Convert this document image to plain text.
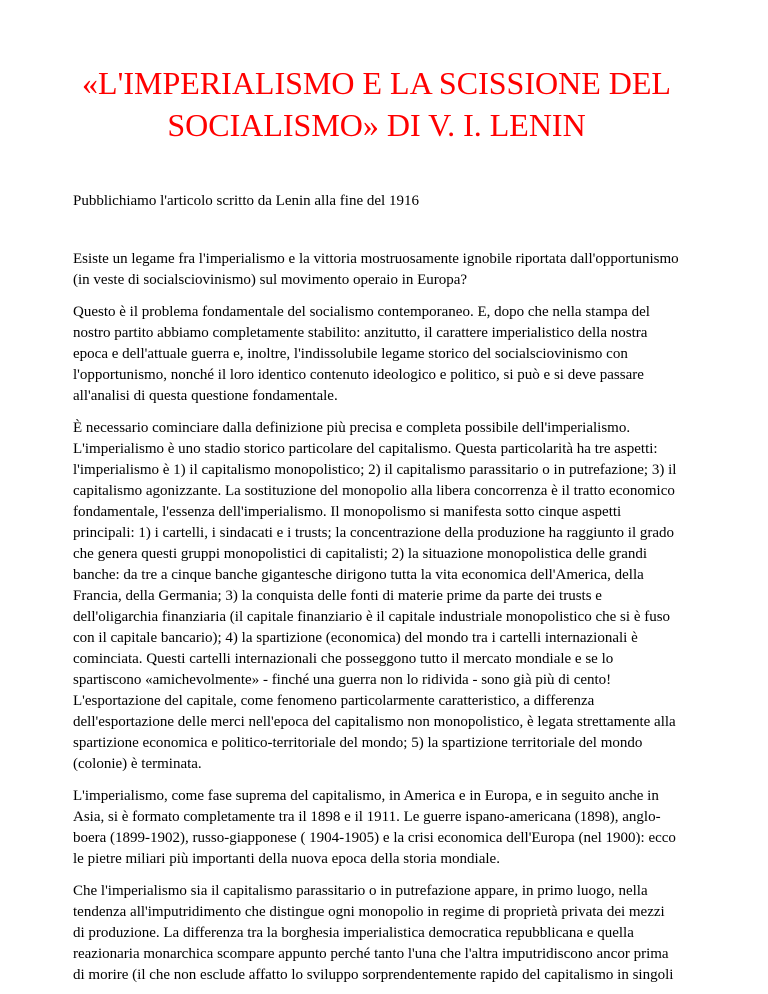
«L'IMPERIALISMO E LA SCISSIONE DEL SOCIALISMO» DI V. I. LENIN

Pubblichiamo l'articolo scritto da Lenin alla fine del 1916

Esiste un legame fra l'imperialismo e la vittoria mostruosamente ignobile riportata dall'opportunismo (in veste di socialsciovinismo) sul movimento operaio in Europa?

Questo è il problema fondamentale del socialismo contemporaneo. E, dopo che nella stampa del nostro partito abbiamo completamente stabilito: anzitutto, il carattere imperialistico della nostra epoca e dell'attuale guerra e, inoltre, l'indissolubile legame storico del socialsciovinismo con l'opportunismo, nonché il loro identico contenuto ideologico e politico, si può e si deve passare all'analisi di questa questione fondamentale.

È necessario cominciare dalla definizione più precisa e completa possibile dell'imperialismo. L'imperialismo è uno stadio storico particolare del capitalismo. Questa particolarità ha tre aspetti: l'imperialismo è 1) il capitalismo monopolistico; 2) il capitalismo parassitario o in putrefazione; 3) il capitalismo agonizzante. La sostituzione del monopolio alla libera concorrenza è il tratto economico fondamentale, l'essenza dell'imperialismo. Il monopolismo si manifesta sotto cinque aspetti principali: 1) i cartelli, i sindacati e i trusts; la concentrazione della produzione ha raggiunto il grado che genera questi gruppi monopolistici di capitalisti; 2) la situazione monopolistica delle grandi banche: da tre a cinque banche gigantesche dirigono tutta la vita economica dell'America, della Francia, della Germania; 3) la conquista delle fonti di materie prime da parte dei trusts e dell'oligarchia finanziaria (il capitale finanziario è il capitale industriale monopolistico che si è fuso con il capitale bancario); 4) la spartizione (economica) del mondo tra i cartelli internazionali è cominciata. Questi cartelli internazionali che posseggono tutto il mercato mondiale e se lo spartiscono «amichevolmente» - finché una guerra non lo ridivida - sono già più di cento! L'esportazione del capitale, come fenomeno particolarmente caratteristico, a differenza dell'esportazione delle merci nell'epoca del capitalismo non monopolistico, è legata strettamente alla spartizione economica e politico-territoriale del mondo; 5) la spartizione territoriale del mondo (colonie) è terminata.

L'imperialismo, come fase suprema del capitalismo, in America e in Europa, e in seguito anche in Asia, si è formato completamente tra il 1898 e il 1911. Le guerre ispano-americana (1898), anglo-boera (1899-1902), russo-giapponese ( 1904-1905) e la crisi economica dell'Europa (nel 1900): ecco le pietre miliari più importanti della nuova epoca della storia mondiale.

Che l'imperialismo sia il capitalismo parassitario o in putrefazione appare, in primo luogo, nella tendenza all'imputridimento che distingue ogni monopolio in regime di proprietà privata dei mezzi di produzione. La differenza tra la borghesia imperialistica democratica repubblicana e quella reazionaria monarchica scompare appunto perché tanto l'una che l'altra imputridiscono ancor prima di morire (il che non esclude affatto lo sviluppo sorprendentemente rapido del capitalismo in singoli
